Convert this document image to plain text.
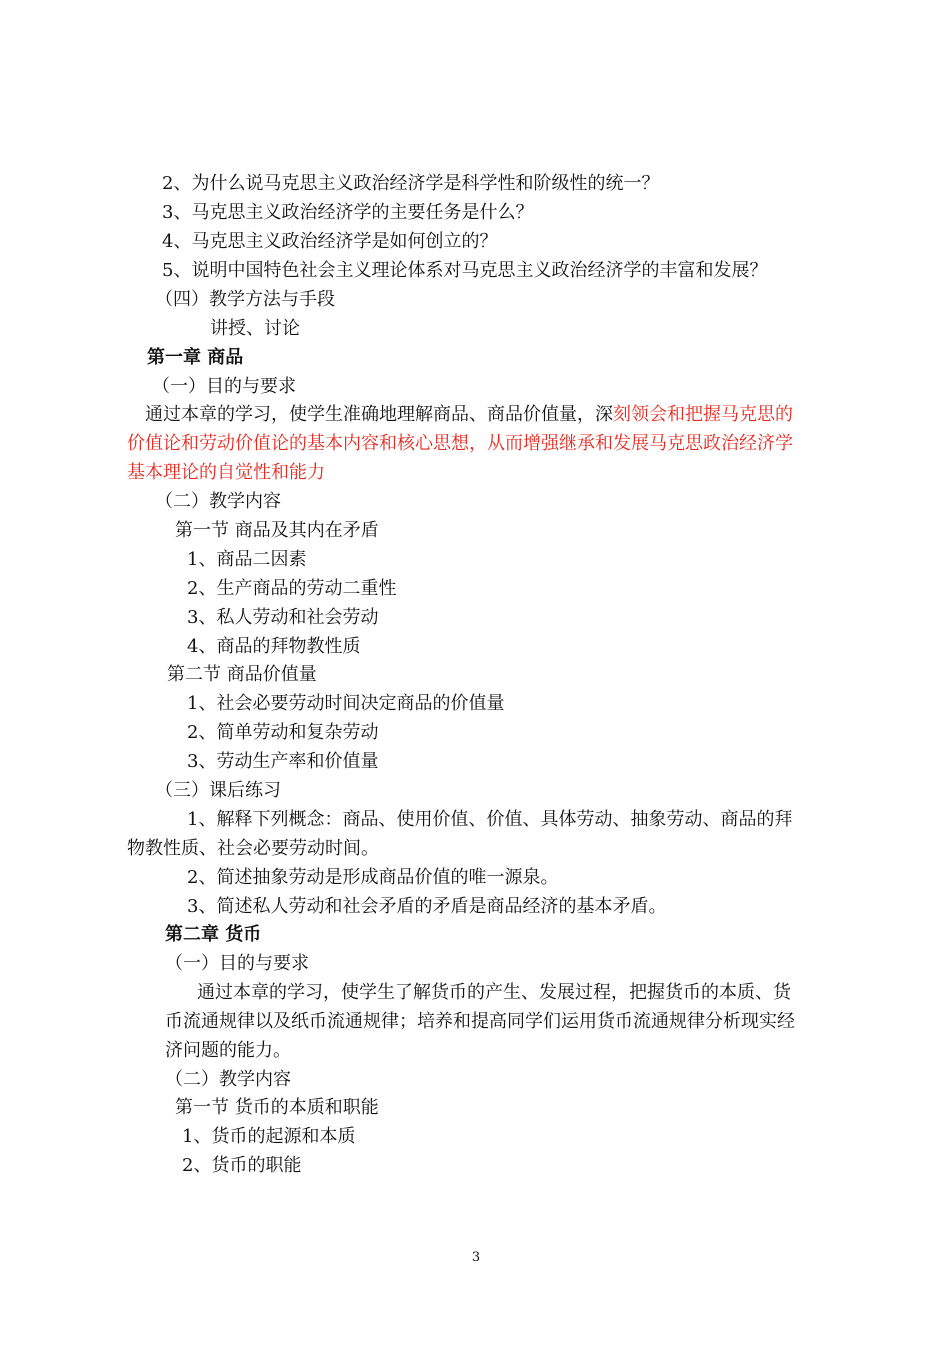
2、为什么说马克思主义政治经济学是科学性和阶级性的统一？
3、马克思主义政治经济学的主要任务是什么？
4、马克思主义政治经济学是如何创立的？
5、说明中国特色社会主义理论体系对马克思主义政治经济学的丰富和发展？
（四）教学方法与手段
讲授、讨论
第一章 商品
（一）目的与要求
通过本章的学习，使学生准确地理解商品、商品价值量，深刻领会和把握马克思的
价值论和劳动价值论的基本内容和核心思想，从而增强继承和发展马克思政治经济学
基本理论的自觉性和能力
（二）教学内容
第一节 商品及其内在矛盾
1、商品二因素
2、生产商品的劳动二重性
3、私人劳动和社会劳动
4、商品的拜物教性质
第二节 商品价值量
1、社会必要劳动时间决定商品的价值量
2、简单劳动和复杂劳动
3、劳动生产率和价值量
（三）课后练习
1、解释下列概念：商品、使用价值、价值、具体劳动、抽象劳动、商品的拜
物教性质、社会必要劳动时间。
2、简述抽象劳动是形成商品价值的唯一源泉。
3、简述私人劳动和社会矛盾的矛盾是商品经济的基本矛盾。
第二章 货币
（一）目的与要求
通过本章的学习，使学生了解货币的产生、发展过程，把握货币的本质、货
币流通规律以及纸币流通规律；培养和提高同学们运用货币流通规律分析现实经
济问题的能力。
（二）教学内容
第一节 货币的本质和职能
1、货币的起源和本质
2、货币的职能
3
